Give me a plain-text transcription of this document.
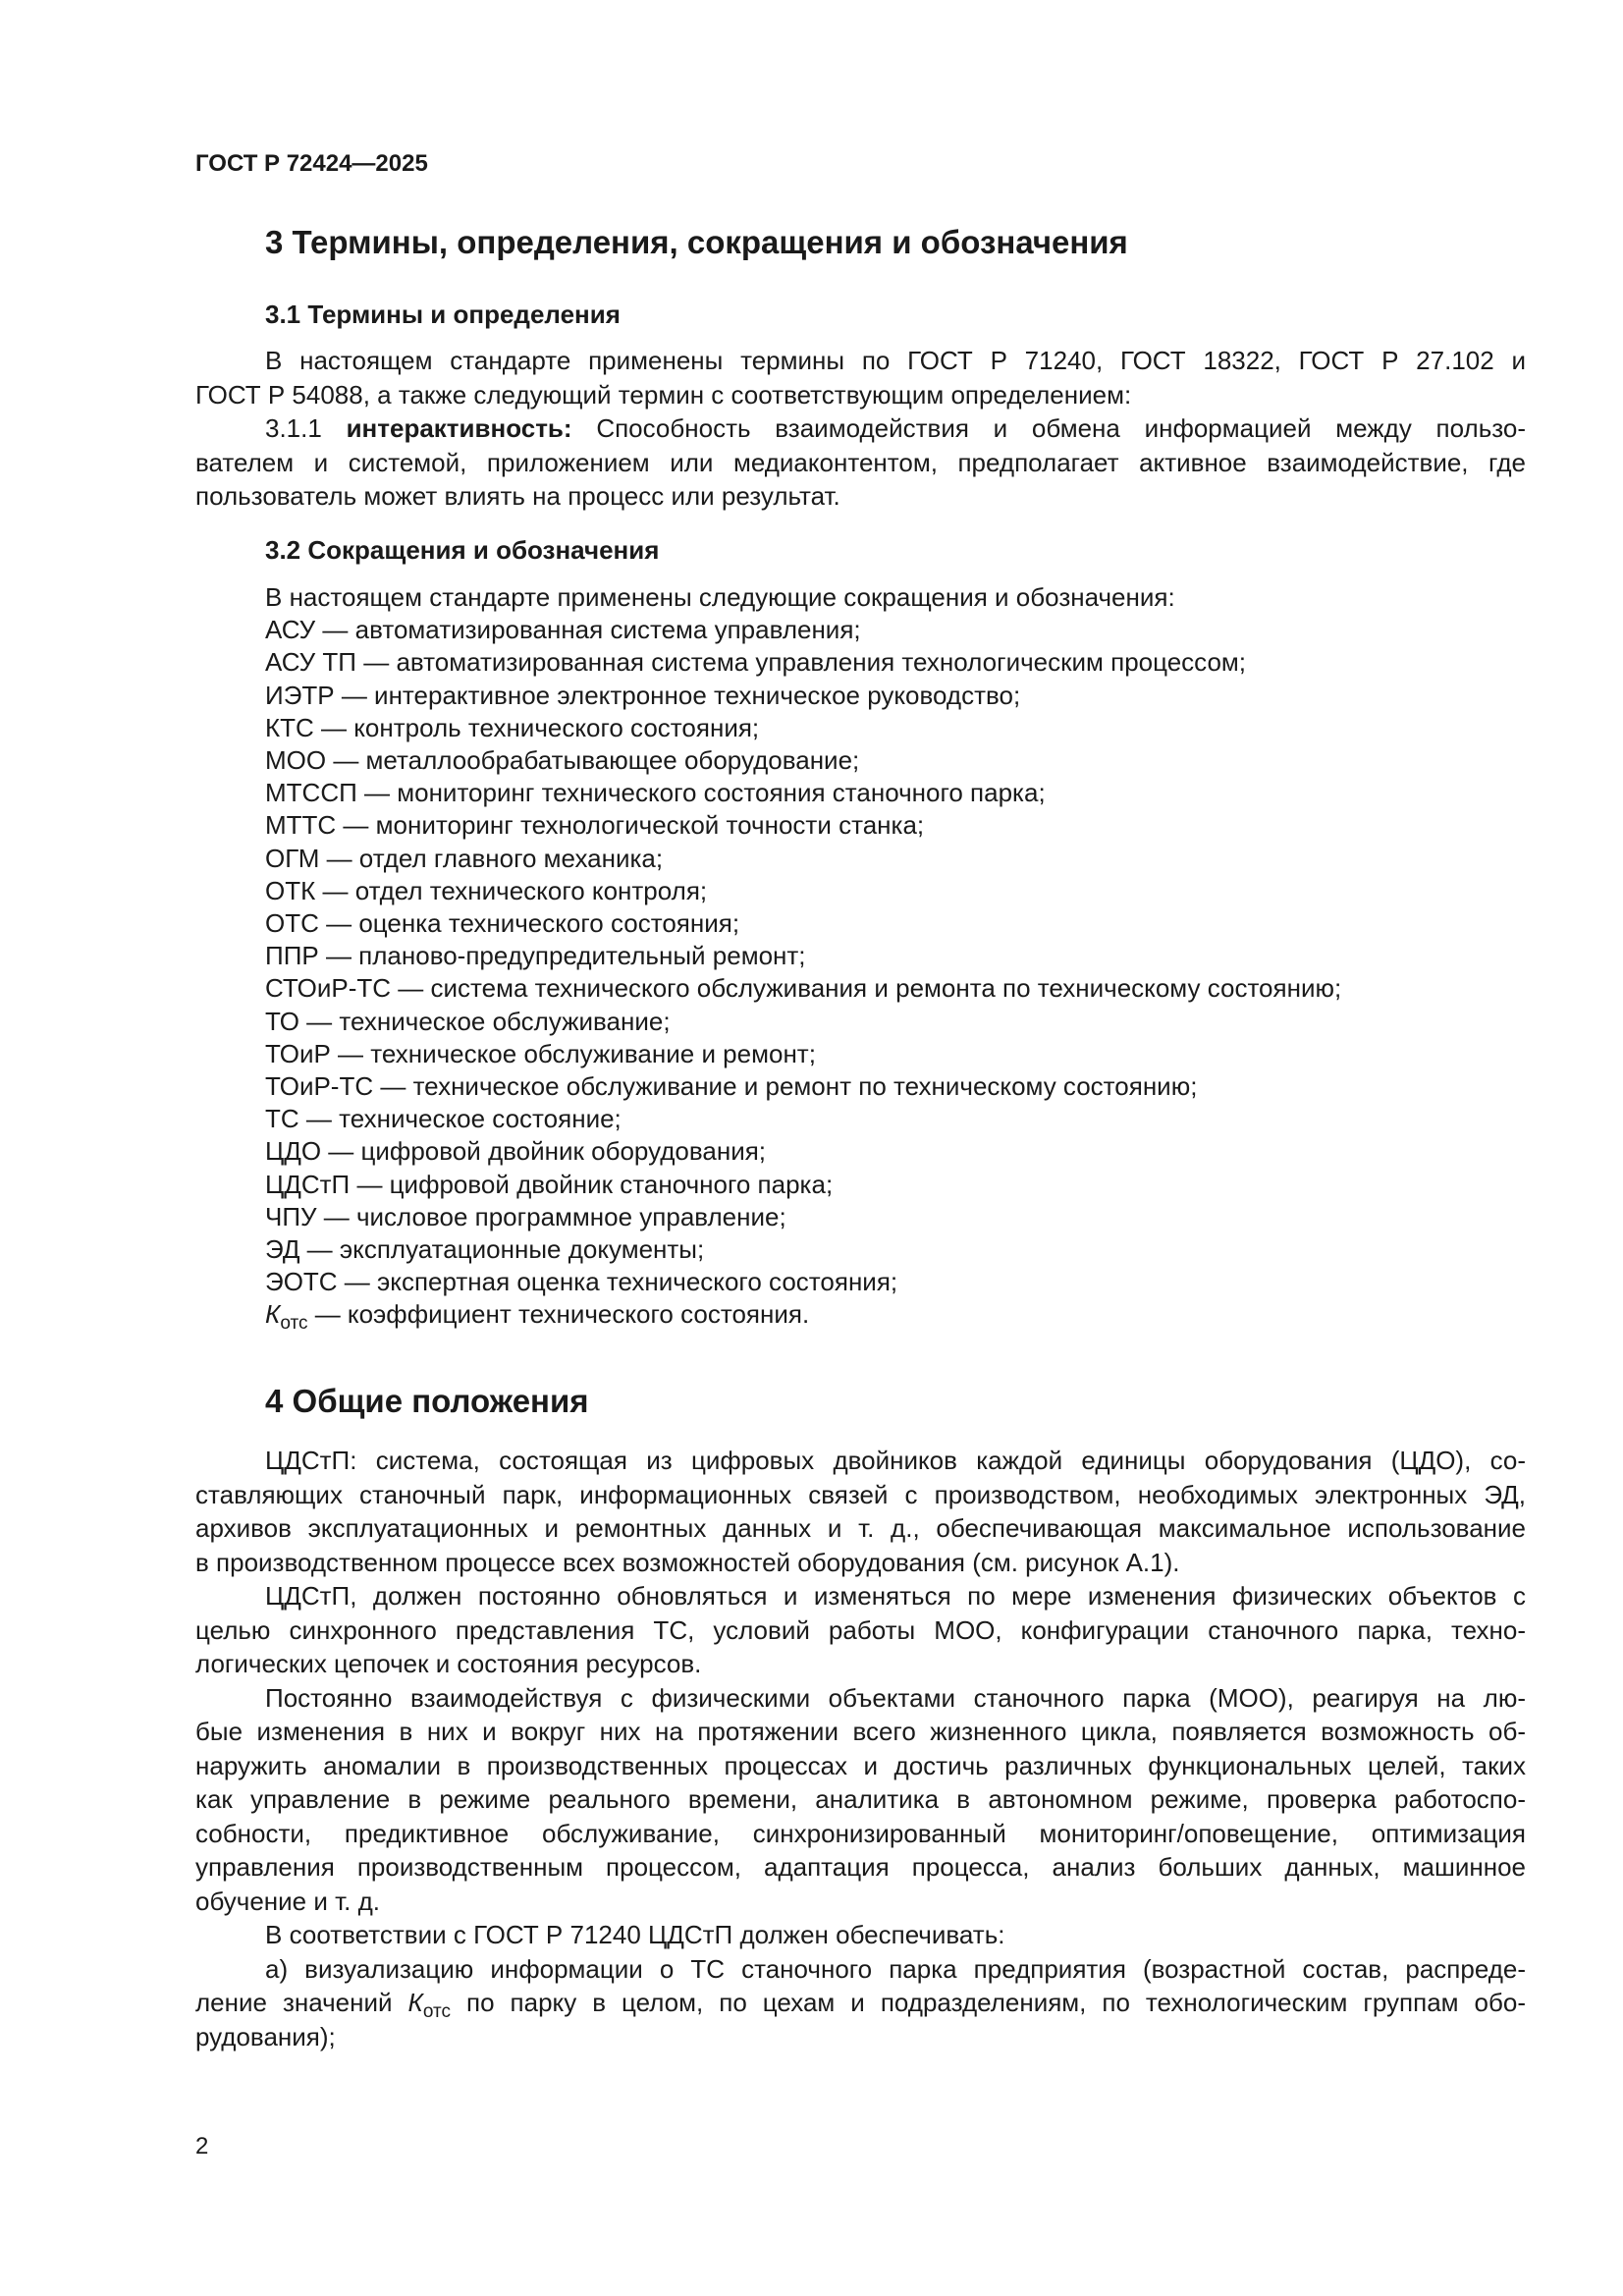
ГОСТ Р 72424—2025

3 Термины, определения, сокращения и обозначения
3.1 Термины и определения
В настоящем стандарте применены термины по ГОСТ Р 71240, ГОСТ 18322, ГОСТ Р 27.102 и
ГОСТ Р 54088, а также следующий термин с соответствующим определением:
3.1.1 интерактивность: Способность взаимодействия и обмена информацией между пользо-
вателем и системой, приложением или медиаконтентом, предполагает активное взаимодействие, где
пользователь может влиять на процесс или результат.
3.2 Сокращения и обозначения
В настоящем стандарте применены следующие сокращения и обозначения:
АСУ — автоматизированная система управления;
АСУ ТП — автоматизированная система управления технологическим процессом;
ИЭТР — интерактивное электронное техническое руководство;
КТС — контроль технического состояния;
МОО — металлообрабатывающее оборудование;
МТССП — мониторинг технического состояния станочного парка;
МТТС — мониторинг технологической точности станка;
ОГМ — отдел главного механика;
ОТК — отдел технического контроля;
ОТС — оценка технического состояния;
ППР — планово-предупредительный ремонт;
СТОиР-ТС — система технического обслуживания и ремонта по техническому состоянию;
ТО — техническое обслуживание;
ТОиР — техническое обслуживание и ремонт;
ТОиР-ТС — техническое обслуживание и ремонт по техническому состоянию;
ТС — техническое состояние;
ЦДО — цифровой двойник оборудования;
ЦДСтП — цифровой двойник станочного парка;
ЧПУ — числовое программное управление;
ЭД — эксплуатационные документы;
ЭОТС — экспертная оценка технического состояния;
$К_{отс}$ — коэффициент технического состояния.
4 Общие положения
ЦДСтП: система, состоящая из цифровых двойников каждой единицы оборудования (ЦДО), со-
ставляющих станочный парк, информационных связей с производством, необходимых электронных ЭД,
архивов эксплуатационных и ремонтных данных и т. д., обеспечивающая максимальное использование
в производственном процессе всех возможностей оборудования (см. рисунок А.1).
ЦДСтП, должен постоянно обновляться и изменяться по мере изменения физических объектов с
целью синхронного представления ТС, условий работы МОО, конфигурации станочного парка, техно-
логических цепочек и состояния ресурсов.
Постоянно взаимодействуя с физическими объектами станочного парка (МОО), реагируя на лю-
бые изменения в них и вокруг них на протяжении всего жизненного цикла, появляется возможность об-
наружить аномалии в производственных процессах и достичь различных функциональных целей, таких
как управление в режиме реального времени, аналитика в автономном режиме, проверка работоспо-
собности, предиктивное обслуживание, синхронизированный мониторинг/оповещение, оптимизация
управления производственным процессом, адаптация процесса, анализ больших данных, машинное
обучение и т. д.
В соответствии с ГОСТ Р 71240 ЦДСтП должен обеспечивать:
а) визуализацию информации о ТС станочного парка предприятия (возрастной состав, распреде-
ление значений $К_{отс}$ по парку в целом, по цехам и подразделениям, по технологическим группам обо-
рудования);

2
